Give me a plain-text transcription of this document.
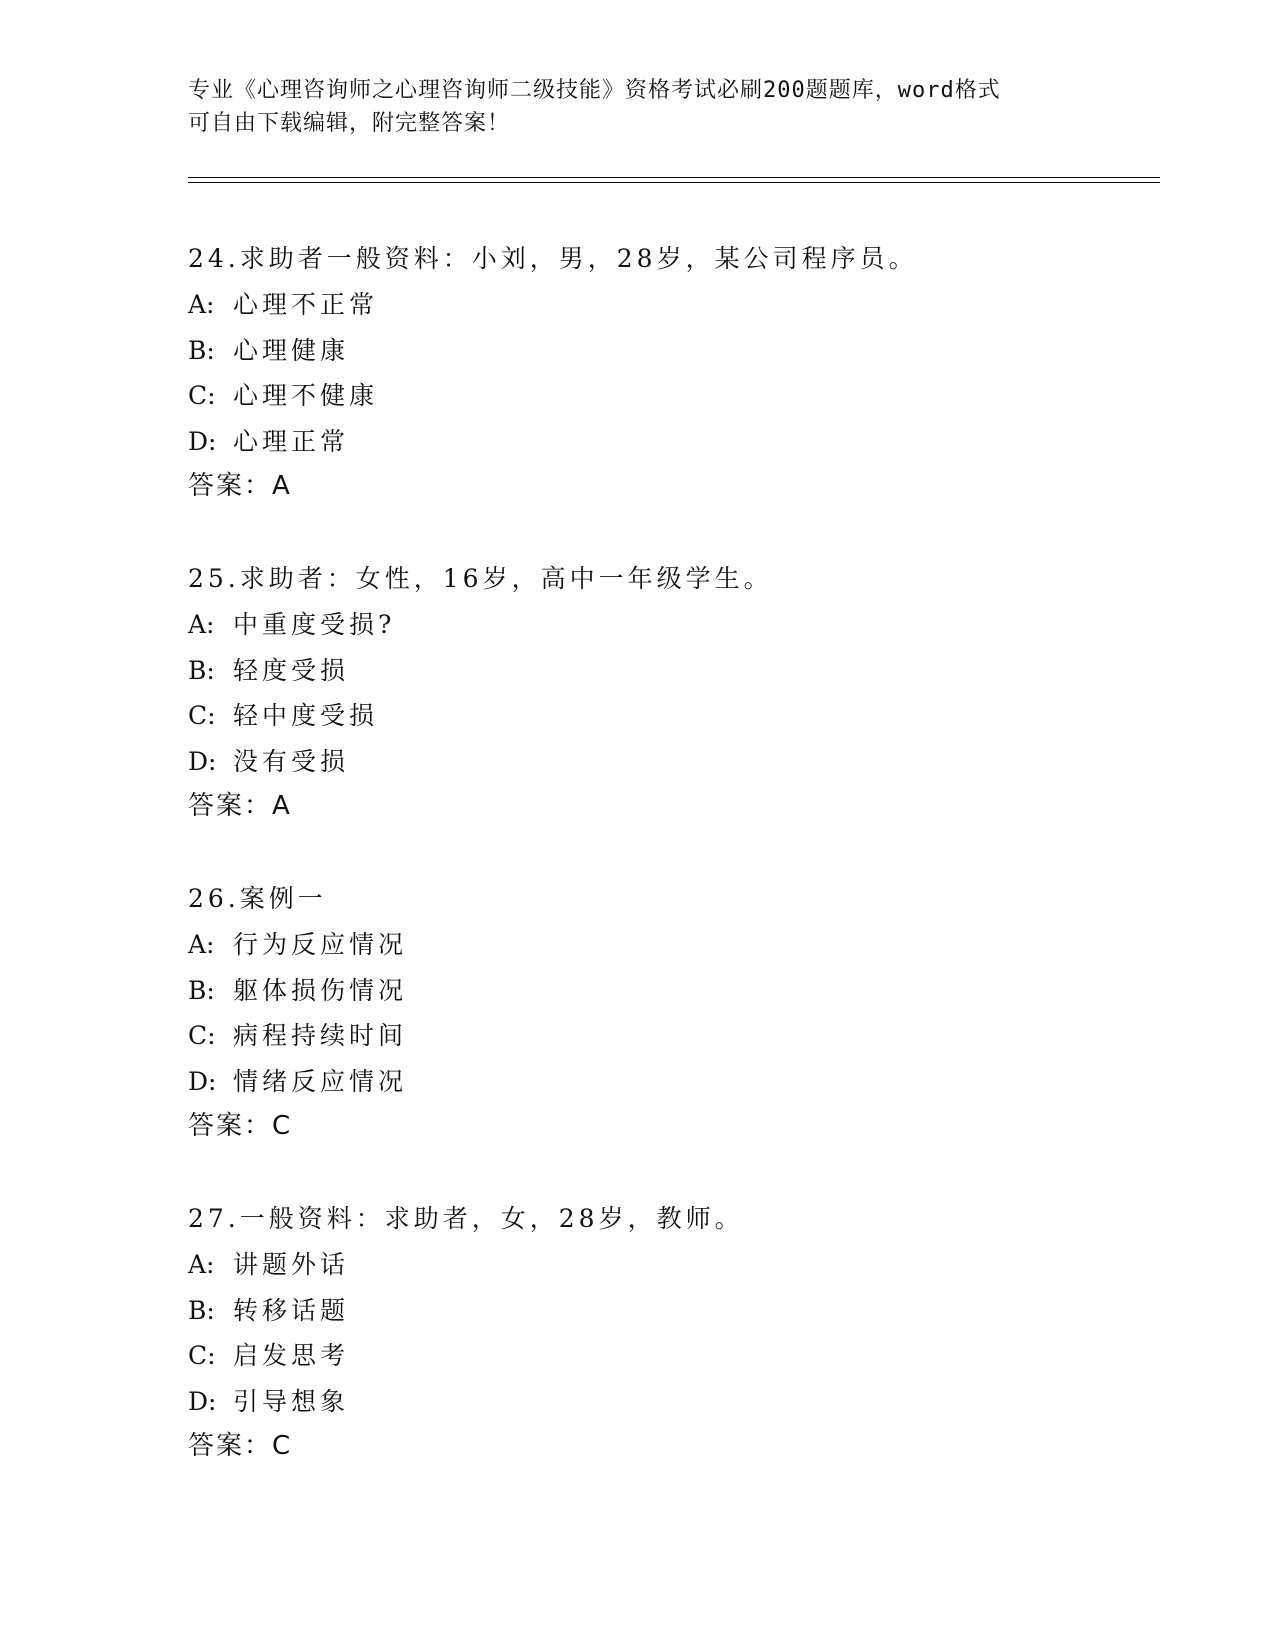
专业《心理咨询师之心理咨询师二级技能》资格考试必刷200题题库，word格式
可自由下载编辑，附完整答案！
24.求助者一般资料：小刘，男，28岁，某公司程序员。
A: 心理不正常
B: 心理健康
C: 心理不健康
D: 心理正常
答案：A
25.求助者：女性，16岁，高中一年级学生。
A: 中重度受损?
B: 轻度受损
C: 轻中度受损
D: 没有受损
答案：A
26.案例一
A: 行为反应情况
B: 躯体损伤情况
C: 病程持续时间
D: 情绪反应情况
答案：C
27.一般资料：求助者，女，28岁，教师。
A: 讲题外话
B: 转移话题
C: 启发思考
D: 引导想象
答案：C
